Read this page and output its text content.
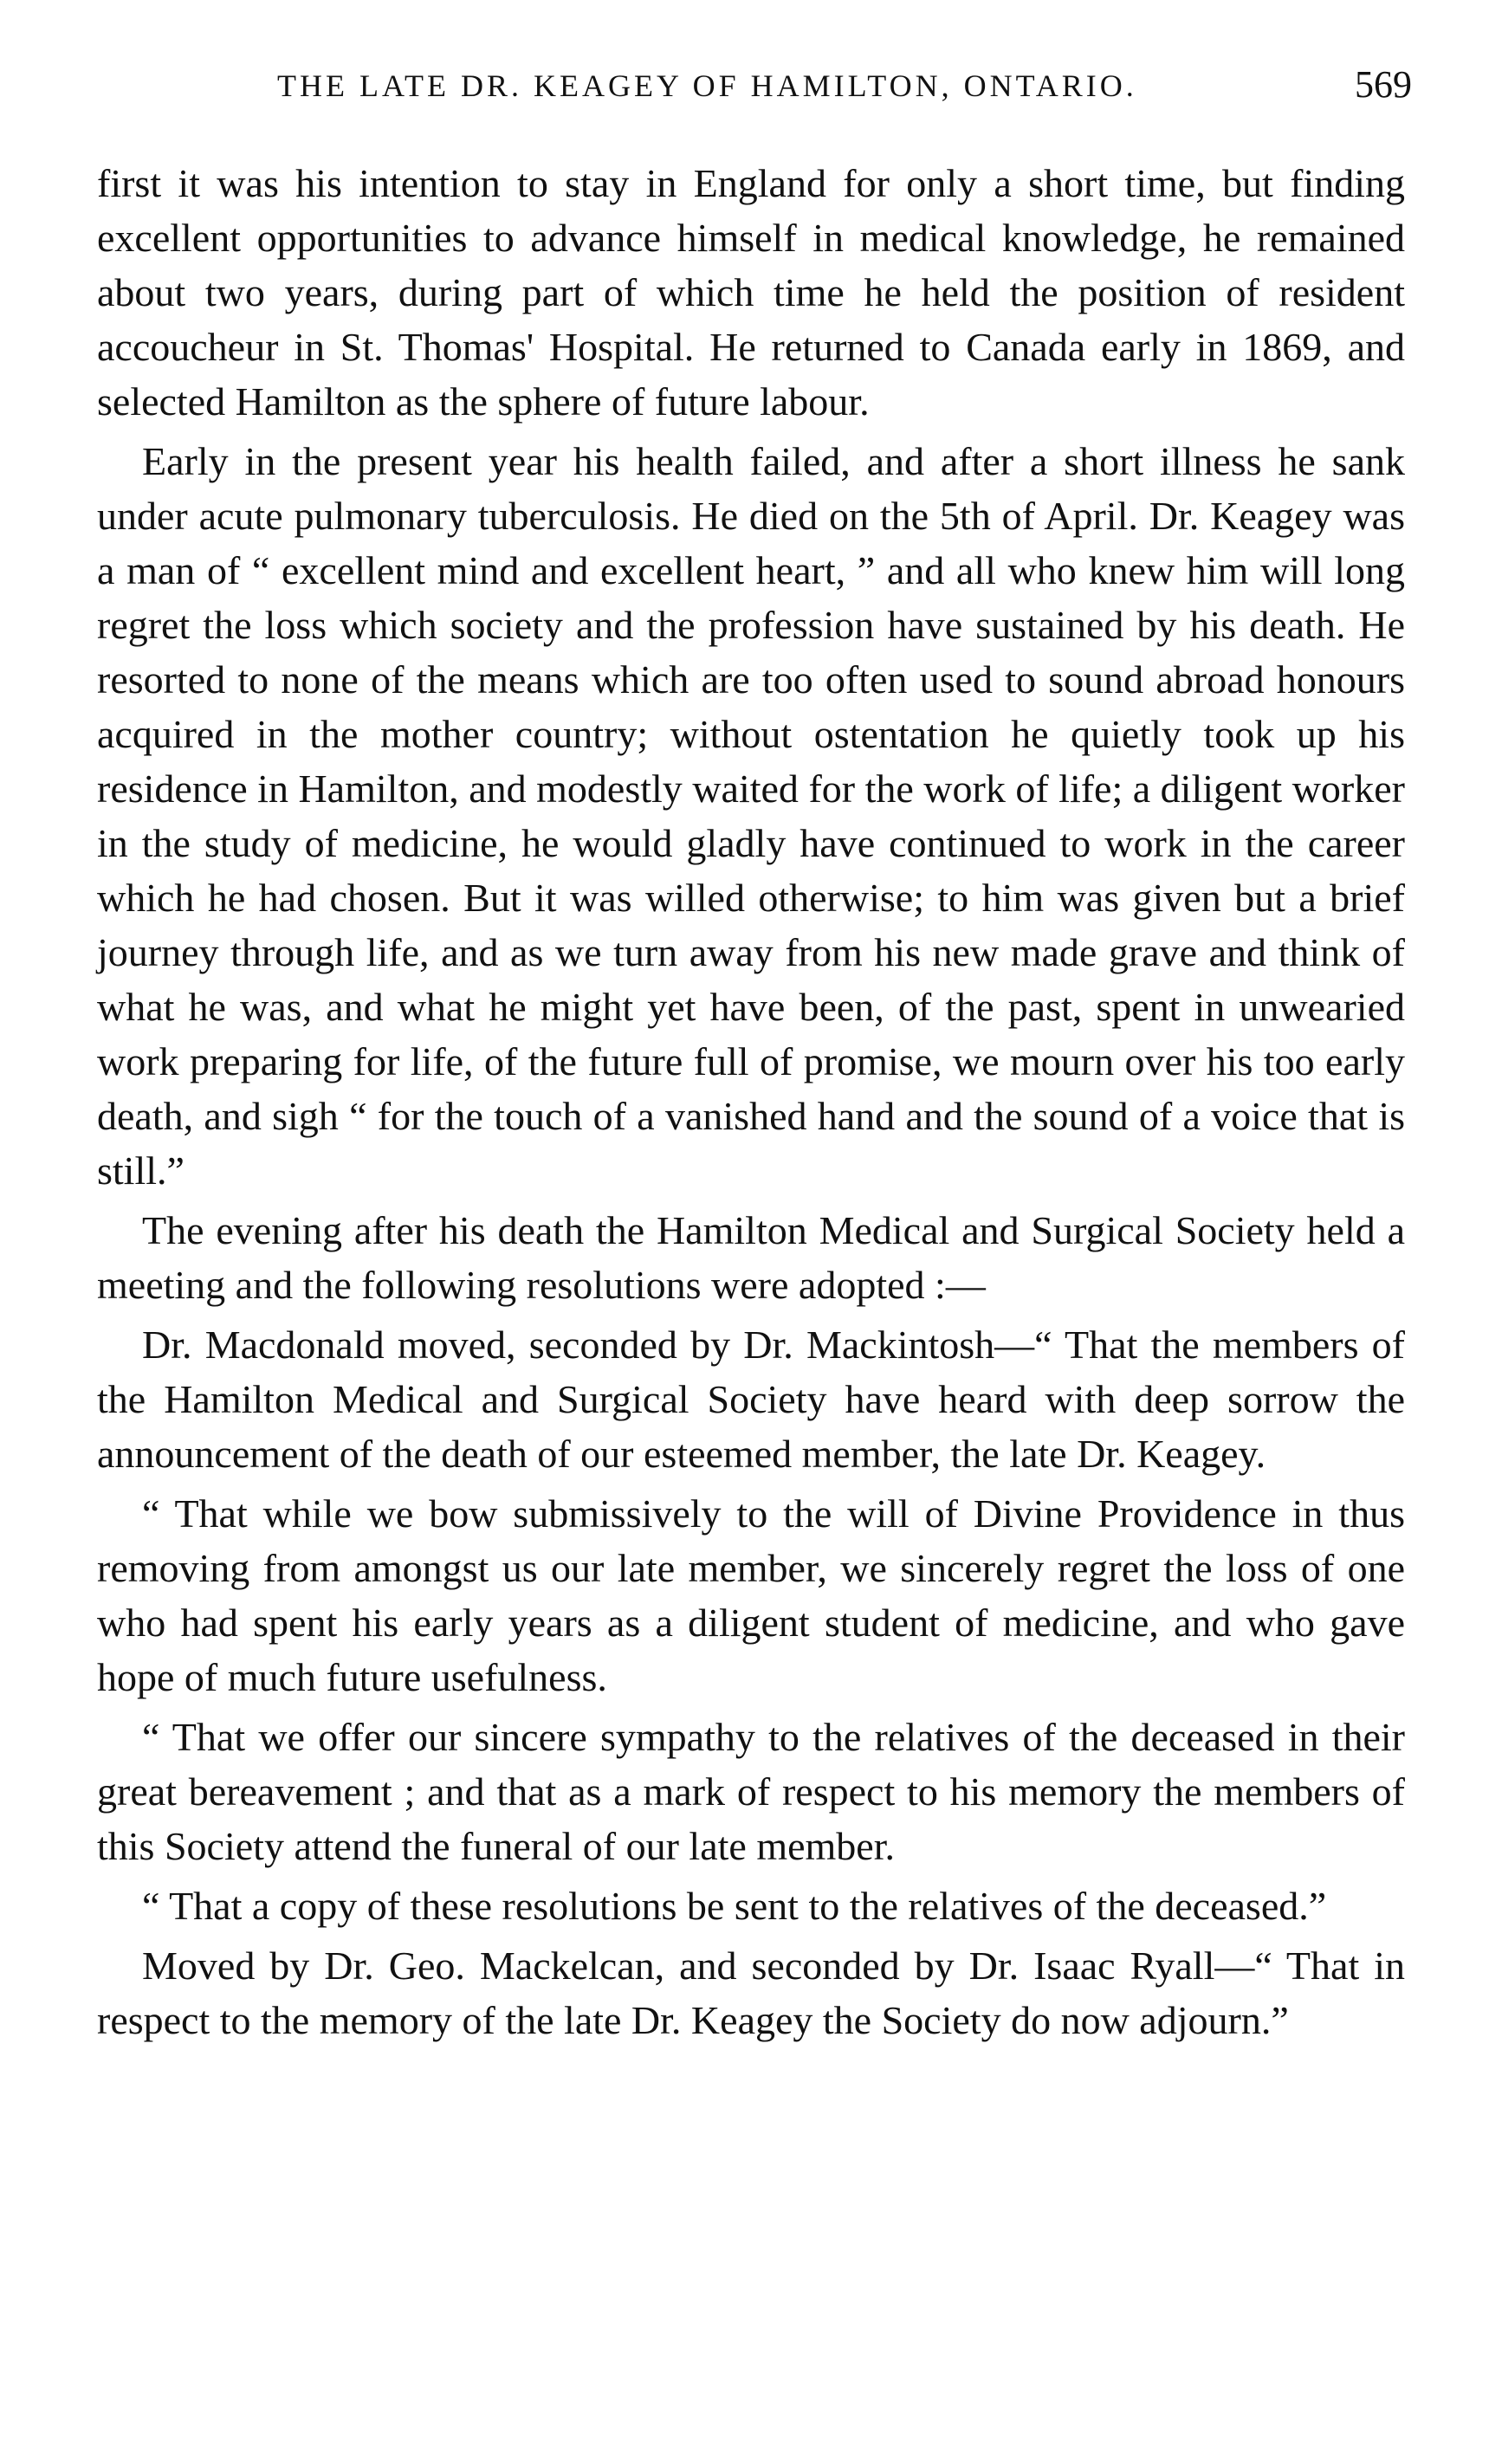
THE LATE DR. KEAGEY OF HAMILTON, ONTARIO.	569

first it was his intention to stay in England for only a short time, but finding excellent opportunities to advance himself in medical knowledge, he remained about two years, during part of which time he held the position of resident accoucheur in St. Thomas' Hospital. He returned to Canada early in 1869, and selected Hamilton as the sphere of future labour.

Early in the present year his health failed, and after a short illness he sank under acute pulmonary tuberculosis. He died on the 5th of April. Dr. Keagey was a man of “ excellent mind and excellent heart, ” and all who knew him will long regret the loss which society and the profession have sustained by his death. He resorted to none of the means which are too often used to sound abroad honours acquired in the mother country; without ostentation he quietly took up his residence in Hamilton, and modestly waited for the work of life; a diligent worker in the study of medicine, he would gladly have continued to work in the career which he had chosen. But it was willed otherwise; to him was given but a brief journey through life, and as we turn away from his new made grave and think of what he was, and what he might yet have been, of the past, spent in unwearied work preparing for life, of the future full of promise, we mourn over his too early death, and sigh “ for the touch of a vanished hand and the sound of a voice that is still.”

The evening after his death the Hamilton Medical and Surgical Society held a meeting and the following resolutions were adopted :—

Dr. Macdonald moved, seconded by Dr. Mackintosh—“ That the members of the Hamilton Medical and Surgical Society have heard with deep sorrow the announcement of the death of our esteemed member, the late Dr. Keagey.

“ That while we bow submissively to the will of Divine Providence in thus removing from amongst us our late member, we sincerely regret the loss of one who had spent his early years as a diligent student of medicine, and who gave hope of much future usefulness.

“ That we offer our sincere sympathy to the relatives of the deceased in their great bereavement ; and that as a mark of respect to his memory the members of this Society attend the funeral of our late member.

“ That a copy of these resolutions be sent to the relatives of the deceased.”

Moved by Dr. Geo. Mackelcan, and seconded by Dr. Isaac Ryall—“ That in respect to the memory of the late Dr. Keagey the Society do now adjourn.”
